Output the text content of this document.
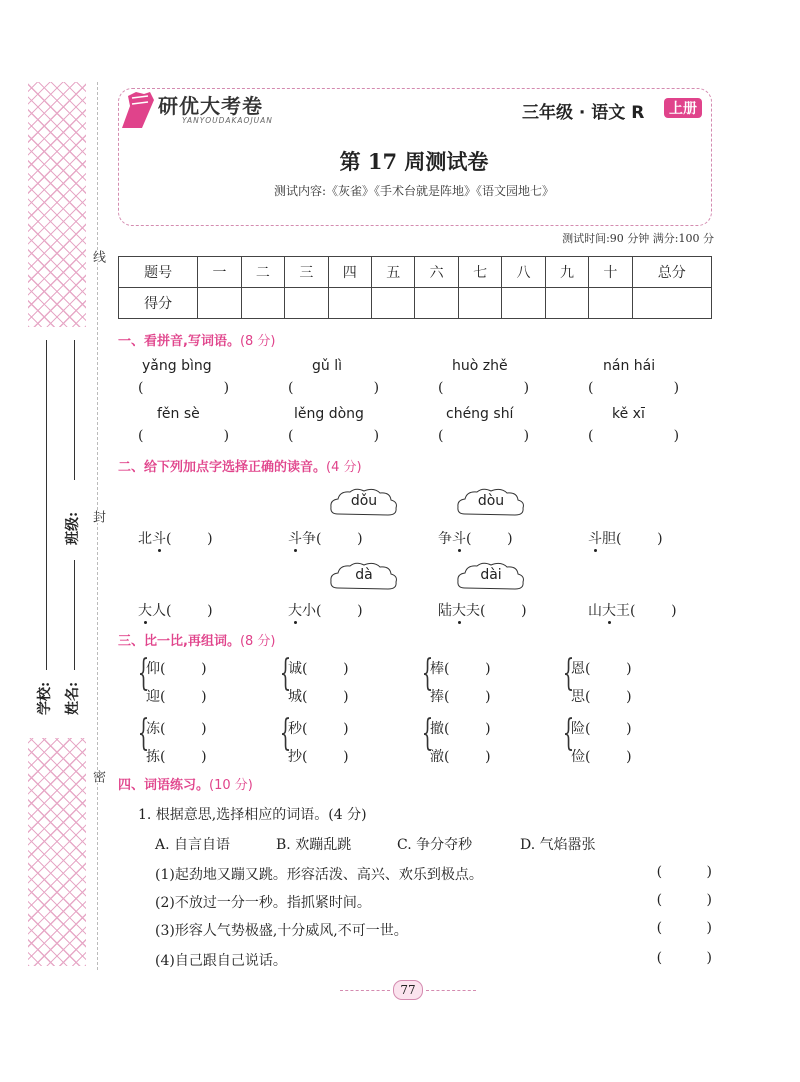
线
封
密
班级:
学校: 姓名:
研优大考卷
YANYOUDAKAOJUAN	三年级 · 语文 R	上册
第 17 周测试卷
测试内容:《灰雀》《手术台就是阵地》《语文园地七》
测试时间:90 分钟 满分:100 分
题号	一	二	三	四	五	六	七	八	九	十	总分
得分											
一、看拼音,写词语。(8 分)
yǎng bìng	gǔ lì	huò zhě	nán hái
(                  )	(                  )	(                  )	(                  )
fěn sè	lěng dòng	chéng shí	kě xī
(                  )	(                  )	(                  )	(                  )
二、给下列加点字选择正确的读音。(4 分)
dǒu	dòu
北斗(        )	斗争(        )	争斗(        )	斗胆(        )
dà	dài
大人(        )	大小(        )	陆大夫(        )	山大王(        )
三、比一比,再组词。(8 分)
{
仰(        )
迎(        )
{
诚(        )
城(        )
{
棒(        )
捧(        )
{
恩(        )
思(        )
{
冻(        )
拣(        )
{
秒(        )
抄(        )
{
撤(        )
澈(        )
{
险(        )
俭(        )
四、词语练习。(10 分)
1. 根据意思,选择相应的词语。(4 分)
A. 自言自语	B. 欢蹦乱跳	C. 争分夺秒	D. 气焰嚣张
(1)起劲地又蹦又跳。形容活泼、高兴、欢乐到极点。	(          )
(2)不放过一分一秒。指抓紧时间。	(          )
(3)形容人气势极盛,十分威风,不可一世。	(          )
(4)自己跟自己说话。	(          )
77
